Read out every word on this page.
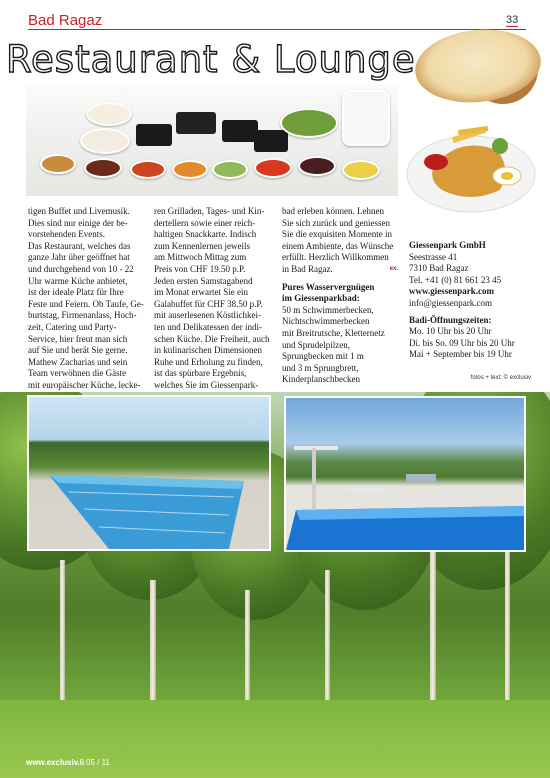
Bad Ragaz	33
Restaurant & Lounge

tigen Buffet und Livemusik.

Dies sind nur einige der be-

vorstehenden Events.

Das Restaurant, welches das

ganze Jahr über geöffnet hat

und durchgehend von 10 - 22

Uhr warme Küche anbietet,

ist der ideale Platz für Ihre

Feste und Feiern. Ob Taufe, Ge-

burtstag, Firmenanlass, Hoch-

zeit, Catering und Party-

Service, hier freut man sich

auf Sie und berät Sie gerne.

Mathew Zacharias und sein

Team verwöhnen die Gäste

mit europäischer Küche, lecke-

ren Grilladen, Tages- und Kin-

dertellern sowie einer reich-

haltigen Snackkarte. Indisch

zum Kennenlernen jeweils

am Mittwoch Mittag zum

Preis von CHF 19.50 p.P.

Jeden ersten Samstagabend

im Monat erwartet Sie ein

Galabuffet für CHF 38.50 p.P.

mit auserlesenen Köstlichkei-

ten und Delikatessen der indi-

schen Küche. Die Freiheit, auch

in kulinarischen Dimensionen

Ruhe und Erholung zu finden,

ist das spürbare Ergebnis,

welches Sie im Giessenpark-

bad erleben können. Lehnen

Sie sich zurück und geniessen

Sie die exquisiten Momente in

einem Ambiente, das Wünsche

erfüllt. Herzlich Willkommen

in Bad Ragaz.	ex.

Pures Wasservergnügen

im Giessenparkbad:

50 m Schwimmerbecken,

Nichtschwimmerbecken

mit Breitrutsche, Kletternetz

und Sprudelpilzen,

Sprungbecken mit 1 m

und 3 m Sprungbrett,

Kinderplanschbecken

Giessenpark GmbH

Seestrasse 41

7310 Bad Ragaz

Tel. +41 (0) 81 661 23 45

www.giessenpark.com

info@giessenpark.com

Badi-Öffnungszeiten:

Mo. 10 Uhr bis 20 Uhr

Di. bis So. 09 Uhr bis 20 Uhr

Mai + September bis 19 Uhr

fotos + text: © exclusiv

www.exclusiv.li 05 / 11
